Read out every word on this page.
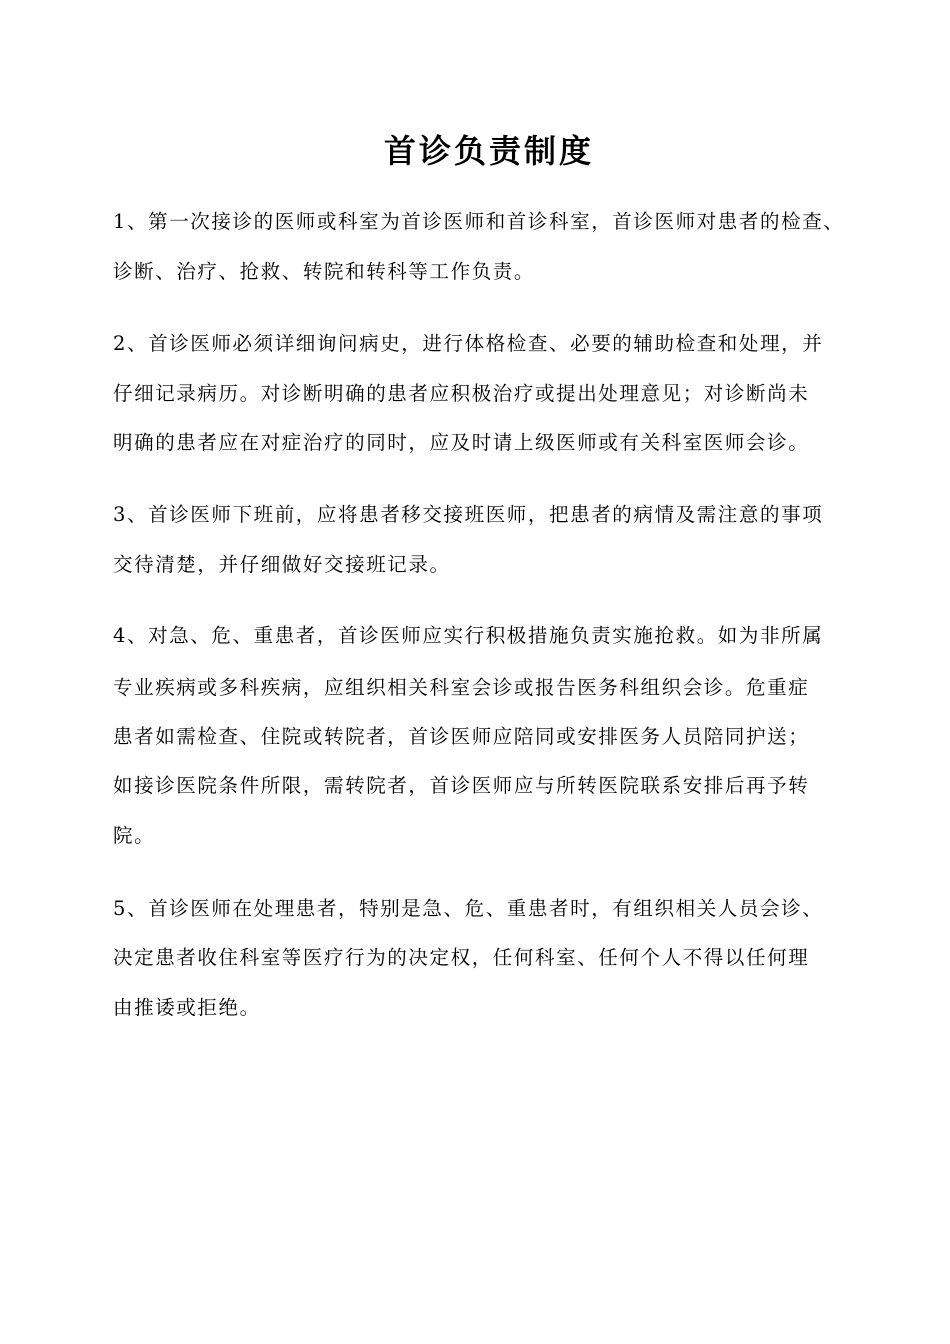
首诊负责制度
1、第一次接诊的医师或科室为首诊医师和首诊科室，首诊医师对患者的检查、
诊断、治疗、抢救、转院和转科等工作负责。
2、首诊医师必须详细询问病史，进行体格检查、必要的辅助检查和处理，并
仔细记录病历。对诊断明确的患者应积极治疗或提出处理意见；对诊断尚未
明确的患者应在对症治疗的同时，应及时请上级医师或有关科室医师会诊。
3、首诊医师下班前，应将患者移交接班医师，把患者的病情及需注意的事项
交待清楚，并仔细做好交接班记录。
4、对急、危、重患者，首诊医师应实行积极措施负责实施抢救。如为非所属
专业疾病或多科疾病，应组织相关科室会诊或报告医务科组织会诊。危重症
患者如需检查、住院或转院者，首诊医师应陪同或安排医务人员陪同护送；
如接诊医院条件所限，需转院者，首诊医师应与所转医院联系安排后再予转
院。
5、首诊医师在处理患者，特别是急、危、重患者时，有组织相关人员会诊、
决定患者收住科室等医疗行为的决定权，任何科室、任何个人不得以任何理
由推诿或拒绝。
